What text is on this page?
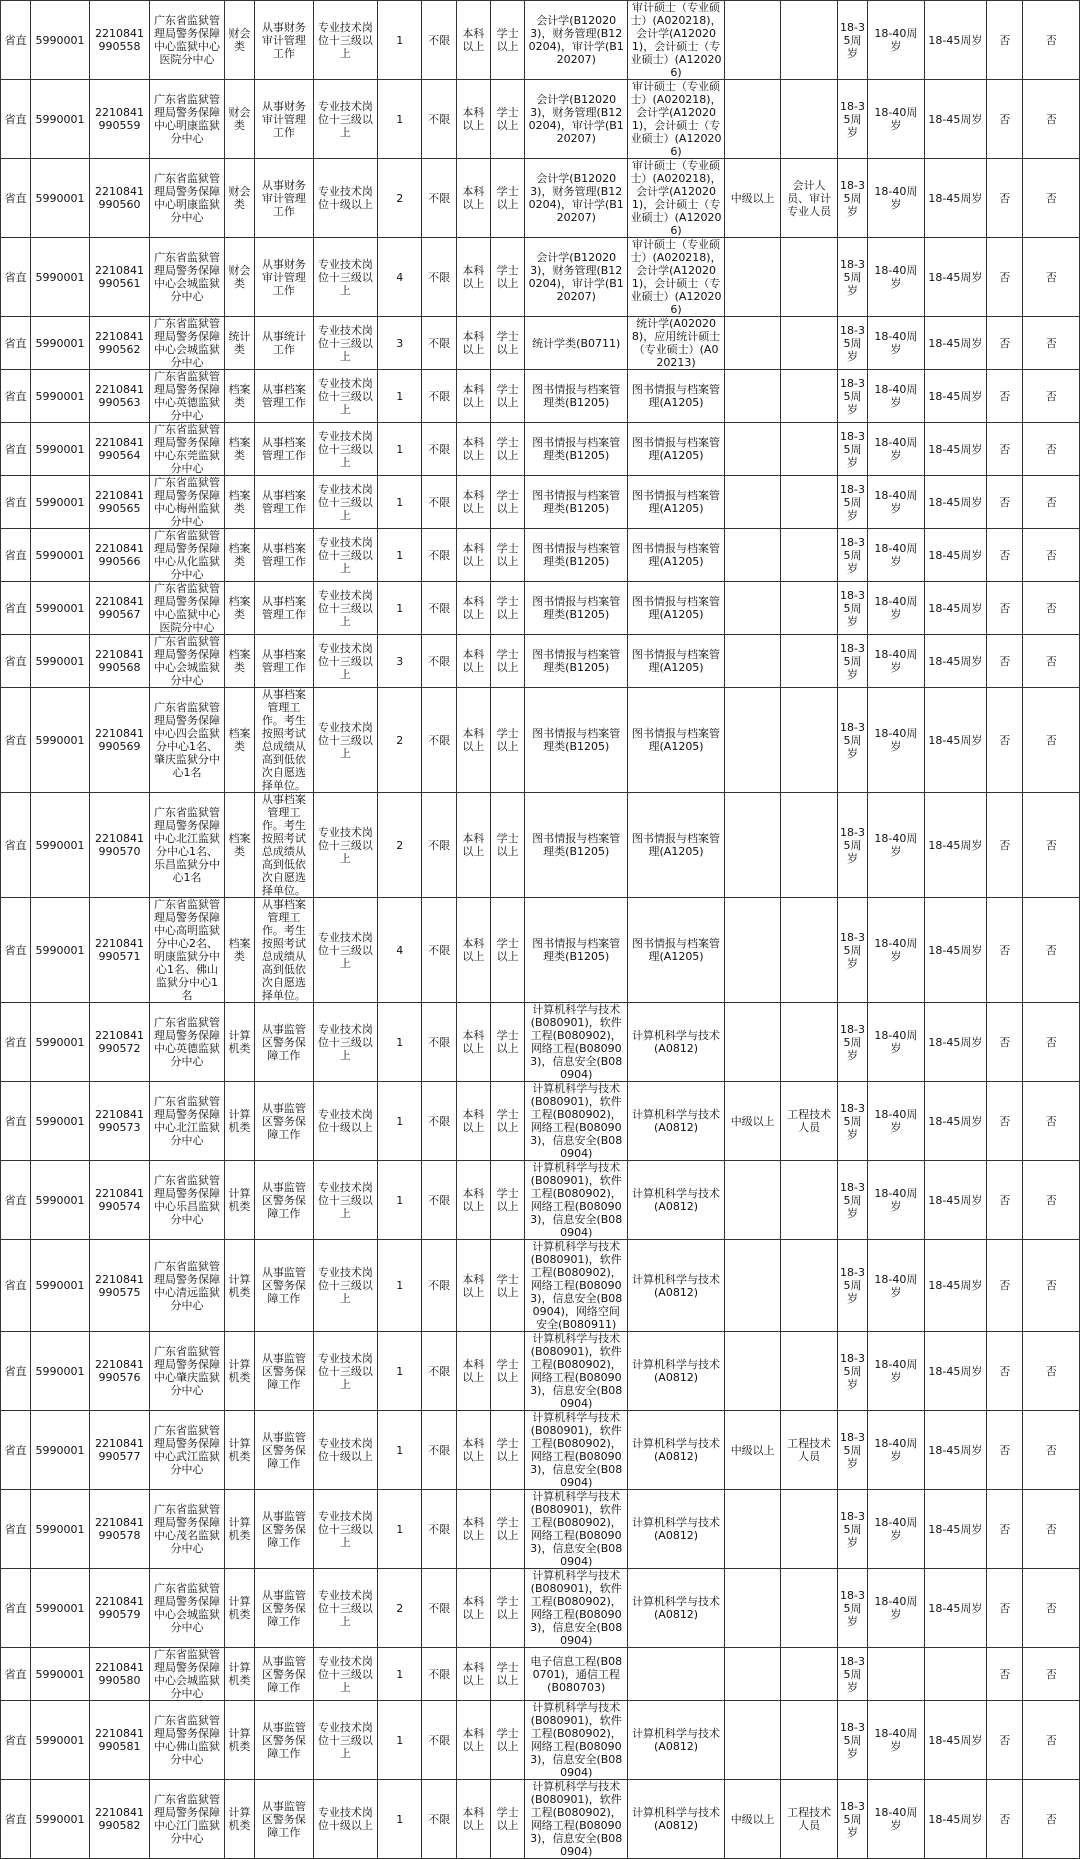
省直	5990001	2210841990558	广东省监狱管理局警务保障中心监狱中心医院分中心	财会类	从事财务审计管理工作	专业技术岗位十三级以上	1	不限	本科以上	学士以上	会计学(B120203)，财务管理(B120204)，审计学(B120207)	审计硕士（专业硕士）(A020218)，会计学(A120201)，会计硕士（专业硕士）(A120206)			18-35周岁	18-40周岁	18-45周岁	否	否
省直	5990001	2210841990559	广东省监狱管理局警务保障中心明康监狱分中心	财会类	从事财务审计管理工作	专业技术岗位十三级以上	1	不限	本科以上	学士以上	会计学(B120203)，财务管理(B120204)，审计学(B120207)	审计硕士（专业硕士）(A020218)，会计学(A120201)，会计硕士（专业硕士）(A120206)			18-35周岁	18-40周岁	18-45周岁	否	否
省直	5990001	2210841990560	广东省监狱管理局警务保障中心明康监狱分中心	财会类	从事财务审计管理工作	专业技术岗位十级以上	2	不限	本科以上	学士以上	会计学(B120203)，财务管理(B120204)，审计学(B120207)	审计硕士（专业硕士）(A020218)，会计学(A120201)，会计硕士（专业硕士）(A120206)	中级以上	会计人员、审计专业人员	18-35周岁	18-40周岁	18-45周岁	否	否
省直	5990001	2210841990561	广东省监狱管理局警务保障中心会城监狱分中心	财会类	从事财务审计管理工作	专业技术岗位十三级以上	4	不限	本科以上	学士以上	会计学(B120203)，财务管理(B120204)，审计学(B120207)	审计硕士（专业硕士）(A020218)，会计学(A120201)，会计硕士（专业硕士）(A120206)			18-35周岁	18-40周岁	18-45周岁	否	否
省直	5990001	2210841990562	广东省监狱管理局警务保障中心会城监狱分中心	统计类	从事统计工作	专业技术岗位十三级以上	3	不限	本科以上	学士以上	统计学类(B0711)	统计学(A020208)，应用统计硕士（专业硕士）(A020213)			18-35周岁	18-40周岁	18-45周岁	否	否
省直	5990001	2210841990563	广东省监狱管理局警务保障中心英德监狱分中心	档案类	从事档案管理工作	专业技术岗位十三级以上	1	不限	本科以上	学士以上	图书情报与档案管理类(B1205)	图书情报与档案管理(A1205)			18-35周岁	18-40周岁	18-45周岁	否	否
省直	5990001	2210841990564	广东省监狱管理局警务保障中心东莞监狱分中心	档案类	从事档案管理工作	专业技术岗位十三级以上	1	不限	本科以上	学士以上	图书情报与档案管理类(B1205)	图书情报与档案管理(A1205)			18-35周岁	18-40周岁	18-45周岁	否	否
省直	5990001	2210841990565	广东省监狱管理局警务保障中心梅州监狱分中心	档案类	从事档案管理工作	专业技术岗位十三级以上	1	不限	本科以上	学士以上	图书情报与档案管理类(B1205)	图书情报与档案管理(A1205)			18-35周岁	18-40周岁	18-45周岁	否	否
省直	5990001	2210841990566	广东省监狱管理局警务保障中心从化监狱分中心	档案类	从事档案管理工作	专业技术岗位十三级以上	1	不限	本科以上	学士以上	图书情报与档案管理类(B1205)	图书情报与档案管理(A1205)			18-35周岁	18-40周岁	18-45周岁	否	否
省直	5990001	2210841990567	广东省监狱管理局警务保障中心监狱中心医院分中心	档案类	从事档案管理工作	专业技术岗位十三级以上	1	不限	本科以上	学士以上	图书情报与档案管理类(B1205)	图书情报与档案管理(A1205)			18-35周岁	18-40周岁	18-45周岁	否	否
省直	5990001	2210841990568	广东省监狱管理局警务保障中心会城监狱分中心	档案类	从事档案管理工作	专业技术岗位十三级以上	3	不限	本科以上	学士以上	图书情报与档案管理类(B1205)	图书情报与档案管理(A1205)			18-35周岁	18-40周岁	18-45周岁	否	否
省直	5990001	2210841990569	广东省监狱管理局警务保障中心四会监狱分中心1名、肇庆监狱分中心1名	档案类	从事档案管理工作。考生按照考试总成绩从高到低依次自愿选择单位。	专业技术岗位十三级以上	2	不限	本科以上	学士以上	图书情报与档案管理类(B1205)	图书情报与档案管理(A1205)			18-35周岁	18-40周岁	18-45周岁	否	否
省直	5990001	2210841990570	广东省监狱管理局警务保障中心北江监狱分中心1名、乐昌监狱分中心1名	档案类	从事档案管理工作。考生按照考试总成绩从高到低依次自愿选择单位。	专业技术岗位十三级以上	2	不限	本科以上	学士以上	图书情报与档案管理类(B1205)	图书情报与档案管理(A1205)			18-35周岁	18-40周岁	18-45周岁	否	否
省直	5990001	2210841990571	广东省监狱管理局警务保障中心高明监狱分中心2名、明康监狱分中心1名、佛山监狱分中心1名	档案类	从事档案管理工作。考生按照考试总成绩从高到低依次自愿选择单位。	专业技术岗位十三级以上	4	不限	本科以上	学士以上	图书情报与档案管理类(B1205)	图书情报与档案管理(A1205)			18-35周岁	18-40周岁	18-45周岁	否	否
省直	5990001	2210841990572	广东省监狱管理局警务保障中心英德监狱分中心	计算机类	从事监管区警务保障工作	专业技术岗位十三级以上	1	不限	本科以上	学士以上	计算机科学与技术(B080901)，软件工程(B080902)，网络工程(B080903)，信息安全(B080904)	计算机科学与技术(A0812)			18-35周岁	18-40周岁	18-45周岁	否	否
省直	5990001	2210841990573	广东省监狱管理局警务保障中心北江监狱分中心	计算机类	从事监管区警务保障工作	专业技术岗位十级以上	1	不限	本科以上	学士以上	计算机科学与技术(B080901)，软件工程(B080902)，网络工程(B080903)，信息安全(B080904)	计算机科学与技术(A0812)	中级以上	工程技术人员	18-35周岁	18-40周岁	18-45周岁	否	否
省直	5990001	2210841990574	广东省监狱管理局警务保障中心乐昌监狱分中心	计算机类	从事监管区警务保障工作	专业技术岗位十三级以上	1	不限	本科以上	学士以上	计算机科学与技术(B080901)，软件工程(B080902)，网络工程(B080903)，信息安全(B080904)	计算机科学与技术(A0812)			18-35周岁	18-40周岁	18-45周岁	否	否
省直	5990001	2210841990575	广东省监狱管理局警务保障中心清远监狱分中心	计算机类	从事监管区警务保障工作	专业技术岗位十三级以上	1	不限	本科以上	学士以上	计算机科学与技术(B080901)，软件工程(B080902)，网络工程(B080903)，信息安全(B080904)，网络空间安全(B080911)	计算机科学与技术(A0812)			18-35周岁	18-40周岁	18-45周岁	否	否
省直	5990001	2210841990576	广东省监狱管理局警务保障中心肇庆监狱分中心	计算机类	从事监管区警务保障工作	专业技术岗位十三级以上	1	不限	本科以上	学士以上	计算机科学与技术(B080901)，软件工程(B080902)，网络工程(B080903)，信息安全(B080904)	计算机科学与技术(A0812)			18-35周岁	18-40周岁	18-45周岁	否	否
省直	5990001	2210841990577	广东省监狱管理局警务保障中心武江监狱分中心	计算机类	从事监管区警务保障工作	专业技术岗位十级以上	1	不限	本科以上	学士以上	计算机科学与技术(B080901)，软件工程(B080902)，网络工程(B080903)，信息安全(B080904)	计算机科学与技术(A0812)	中级以上	工程技术人员	18-35周岁	18-40周岁	18-45周岁	否	否
省直	5990001	2210841990578	广东省监狱管理局警务保障中心茂名监狱分中心	计算机类	从事监管区警务保障工作	专业技术岗位十三级以上	1	不限	本科以上	学士以上	计算机科学与技术(B080901)，软件工程(B080902)，网络工程(B080903)，信息安全(B080904)	计算机科学与技术(A0812)			18-35周岁	18-40周岁	18-45周岁	否	否
省直	5990001	2210841990579	广东省监狱管理局警务保障中心会城监狱分中心	计算机类	从事监管区警务保障工作	专业技术岗位十三级以上	2	不限	本科以上	学士以上	计算机科学与技术(B080901)，软件工程(B080902)，网络工程(B080903)，信息安全(B080904)	计算机科学与技术(A0812)			18-35周岁	18-40周岁	18-45周岁	否	否
省直	5990001	2210841990580	广东省监狱管理局警务保障中心会城监狱分中心	计算机类	从事监管区警务保障工作	专业技术岗位十三级以上	1	不限	本科以上	学士以上	电子信息工程(B080701)，通信工程(B080703)				18-35周岁			否	否
省直	5990001	2210841990581	广东省监狱管理局警务保障中心佛山监狱分中心	计算机类	从事监管区警务保障工作	专业技术岗位十三级以上	1	不限	本科以上	学士以上	计算机科学与技术(B080901)，软件工程(B080902)，网络工程(B080903)，信息安全(B080904)	计算机科学与技术(A0812)			18-35周岁	18-40周岁	18-45周岁	否	否
省直	5990001	2210841990582	广东省监狱管理局警务保障中心江门监狱分中心	计算机类	从事监管区警务保障工作	专业技术岗位十级以上	1	不限	本科以上	学士以上	计算机科学与技术(B080901)，软件工程(B080902)，网络工程(B080903)，信息安全(B080904)	计算机科学与技术(A0812)	中级以上	工程技术人员	18-35周岁	18-40周岁	18-45周岁	否	否
